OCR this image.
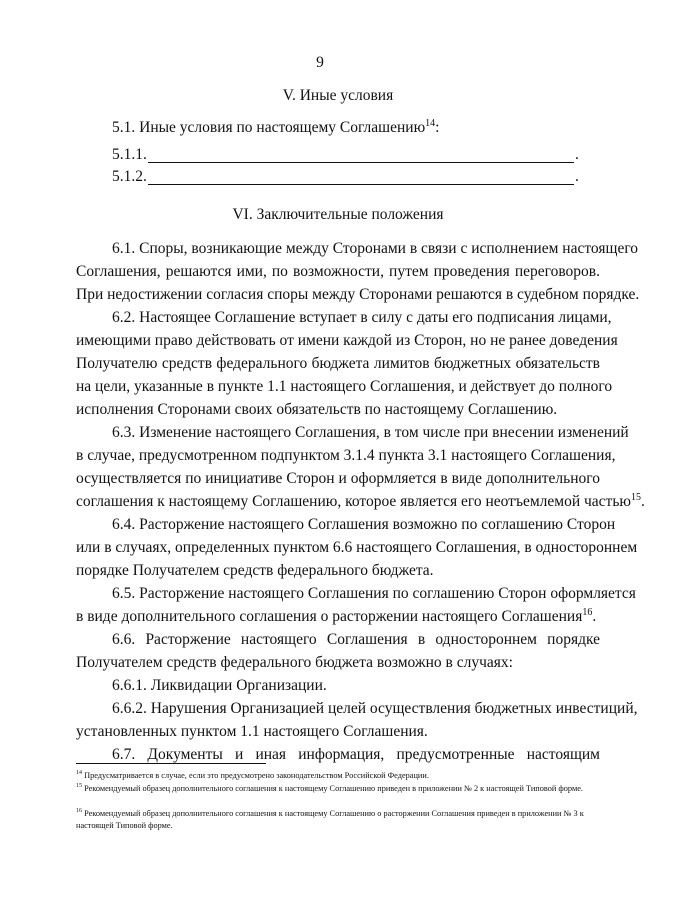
9
V. Иные условия
5.1. Иные условия по настоящему Соглашению$^{14}$:
5.1.1.	.
5.1.2.	.
VI. Заключительные положения
6.1. Споры, возникающие между Сторонами в связи с исполнением настоящего
Соглашения, решаются ими, по возможности, путем проведения переговоров.
При недостижении согласия споры между Сторонами решаются в судебном порядке.
6.2. Настоящее Соглашение вступает в силу с даты его подписания лицами,
имеющими право действовать от имени каждой из Сторон, но не ранее доведения
Получателю средств федерального бюджета лимитов бюджетных обязательств
на цели, указанные в пункте 1.1 настоящего Соглашения, и действует до полного
исполнения Сторонами своих обязательств по настоящему Соглашению.
6.3. Изменение настоящего Соглашения, в том числе при внесении изменений
в случае, предусмотренном подпунктом 3.1.4 пункта 3.1 настоящего Соглашения,
осуществляется по инициативе Сторон и оформляется в виде дополнительного
соглашения к настоящему Соглашению, которое является его неотъемлемой частью$^{15}$.
6.4. Расторжение настоящего Соглашения возможно по соглашению Сторон
или в случаях, определенных пунктом 6.6 настоящего Соглашения, в одностороннем
порядке Получателем средств федерального бюджета.
6.5. Расторжение настоящего Соглашения по соглашению Сторон оформляется
в виде дополнительного соглашения о расторжении настоящего Соглашения$^{16}$.
6.6. Расторжение настоящего Соглашения в одностороннем порядке
Получателем средств федерального бюджета возможно в случаях:
6.6.1. Ликвидации Организации.
6.6.2. Нарушения Организацией целей осуществления бюджетных инвестиций,
установленных пунктом 1.1 настоящего Соглашения.
6.7. Документы и иная информация, предусмотренные настоящим
$^{14}$ Предусматривается в случае, если это предусмотрено законодательством Российской Федерации.
$^{15}$ Рекомендуемый образец дополнительного соглашения к настоящему Соглашению приведен в приложении № 2 к настоящей Типовой форме.
$^{16}$ Рекомендуемый образец дополнительного соглашения к настоящему Соглашению о расторжении Соглашения приведен в приложении № 3 к настоящей Типовой форме.
